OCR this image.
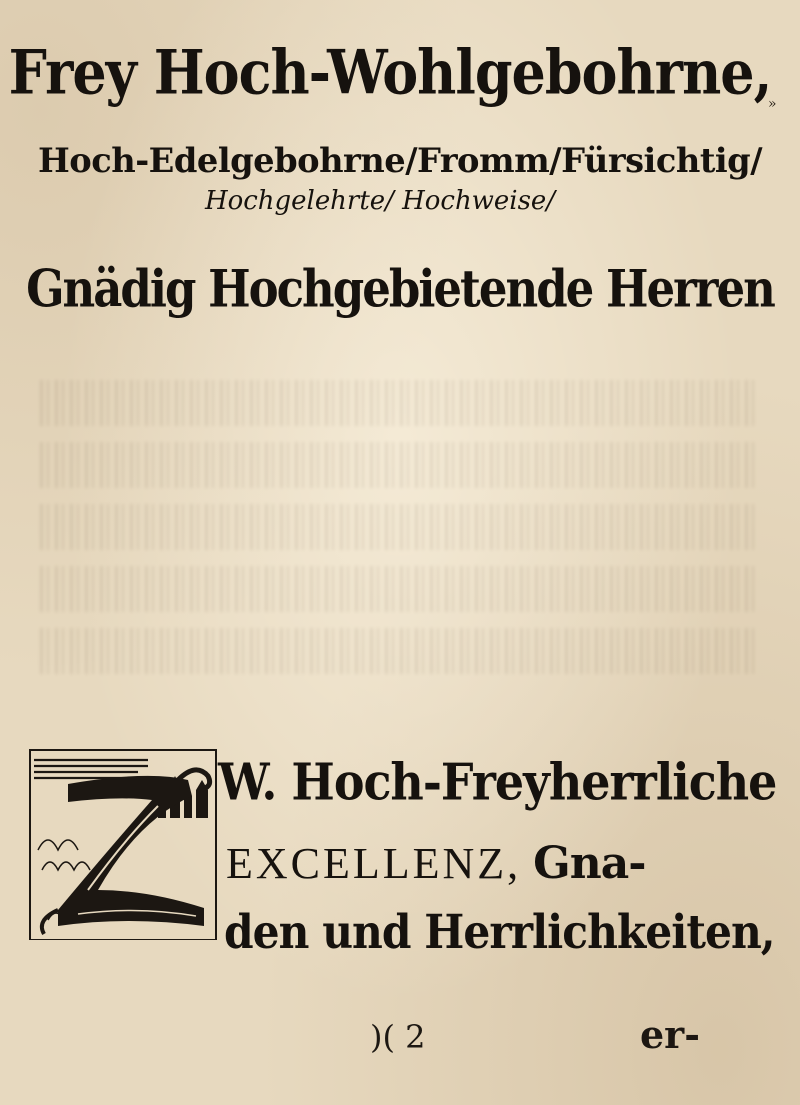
Frey Hoch-Wohlgebohrne,
»
Hoch-Edelgebohrne/Fromm/Fürsichtig/
Hochgelehrte/ Hochweise/
Gnädig Hochgebietende Herren
W. Hoch-Freyherrliche
EXCELLENZ, Gna-
den und Herrlichkeiten,
)( 2	er-
